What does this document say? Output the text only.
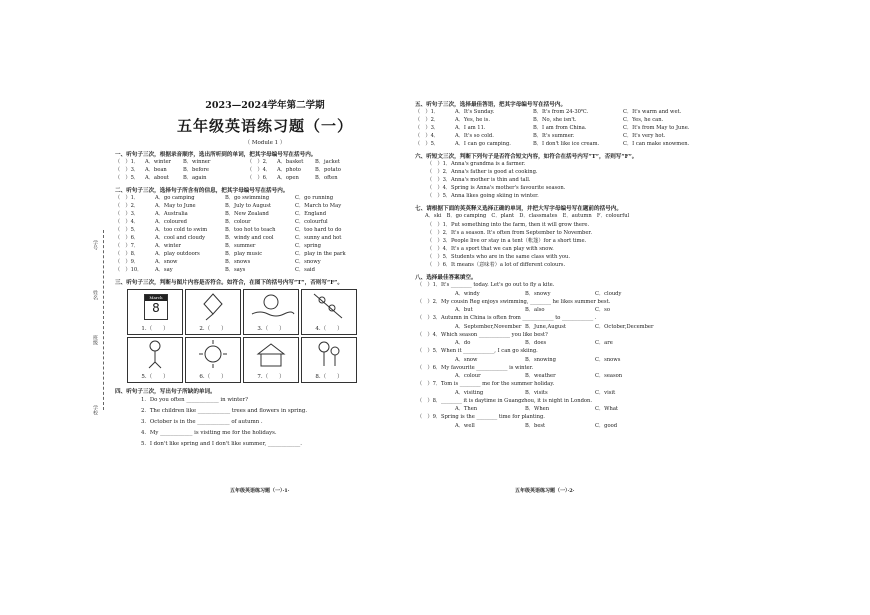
学号
姓名
班级
学校
2023—2024学年第二学期
五年级英语练习题（一）
（ Module 1 ）
一、听句子三次，根据录音顺序，选出所听到的单词，把其字母编号写在括号内。
（　）1．	A．winter	B．winner	（　）2．	A．basket	B．jacket
（　）3．	A．bean	B．before	（　）4．	A．photo	B．potato
（　）5．	A．about	B．again	（　）6．	A．open	B．often
二、听句子三次，选择句子所含有的信息，把其字母编号写在括号内。
（　）1．	A．go camping	B．go swimming	C．go running
（　）2．	A．May to June	B．July to August	C．March to May
（　）3．	A．Australia	B．New Zealand	C．England
（　）4．	A．coloured	B．colour	C．colourful
（　）5．	A．too cold to swim	B．too hot to teach	C．too hard to do
（　）6．	A．cool and cloudy	B．windy and cool	C．sunny and hot
（　）7．	A．winter	B．summer	C．spring
（　）8．	A．play outdoors	B．play music	C．play in the park
（　）9．	A．snow	B．snows	C．snowy
（　）10．	A．say	B．says	C．said
三、听句子三次，判断与图片内容是否符合。如符合，在图下的括号内写“T”，否则写“F”。
March
8
1.（　　）	2.（　　）	3.（　　）	4.（　　）
5.（　　）	6.（　　）	7.（　　）	8.（　　）
四、听句子三次，写出句子所缺的单词。
1．Do you often ____________ in winter?
2．The children like ____________ trees and flowers in spring.
3．October is in the ____________ of autumn .
4．My ____________ is visiting me for the holidays.
5．I don't like spring and I don't like summer, ____________.
五年级英语练习题（一）·1·
五、听句子三次，选择最佳答语，把其字母编号写在括号内。
（　）1．	A．It's Sunday.	B．It's from 24-30℃.	C．It's warm and wet.
（　）2．	A．Yes, he is.	B．No, she isn't.	C．Yes, he can.
（　）3．	A．I am 11.	B．I am from China.	C．It's from May to June.
（　）4．	A．It's so cold.	B．It's summer.	C．It's very hot.
（　）5．	A．I can go camping.	B．I don't like ice cream.	C．I can make snowmen.
六、听短文三次，判断下列句子是否符合短文内容，如符合在括号内写“T”，否则写“F”。
（　）1．Anna's grandma is a farmer.
（　）2．Anna's father is good at cooking.
（　）3．Anna's mother is thin and tall.
（　）4．Spring is Anna's mother's favourite season.
（　）5．Anna likes going skiing in winter.
七、请根据下面的英英释义选择正确的单词，并把大写字母编号写在题前的括号内。
A．ski　B．go camping　C．plant　D．classmates　E．autumn　F．colourful
（　）1．Put something into the farm, then it will grow there.
（　）2．It's a season. It's often from September to November.
（　）3．People live or stay in a tent（帐篷）for a short time.
（　）4．It's a sport that we can play with snow.
（　）5．Students who are in the same class with you.
（　）6．It means（意味着）a lot of different colours.
八、选择最佳答案填空。
（　）1．It's ________ today. Let's go out to fly a kite.
A．windy	B．snowy	C．cloudy
（　）2．My cousin Reg enjoys swimming, ________ he likes summer best.
A．but	B．also	C．so
（　）3．Autumn in China is often from ____________ to ____________ .
A．September,November B．June,August	C．October,December
（　）4．Which season ____________ you like best?
A．do	B．does	C．are
（　）5．When it ____________, I can go skiing.
A．snow	B．snowing	C．snows
（　）6．My favourite ____________ is winter.
A．colour	B．weather	C．season
（　）7．Tom is ________ me for the summer holiday.
A．visiting	B．visits	C．visit
（　）8．________ it is daytime in Guangzhou, it is night in London.
A．Then	B．When	C．What
（　）9．Spring is the ________ time for planting.
A．well	B．best	C．good
五年级英语练习题（一）·2·
